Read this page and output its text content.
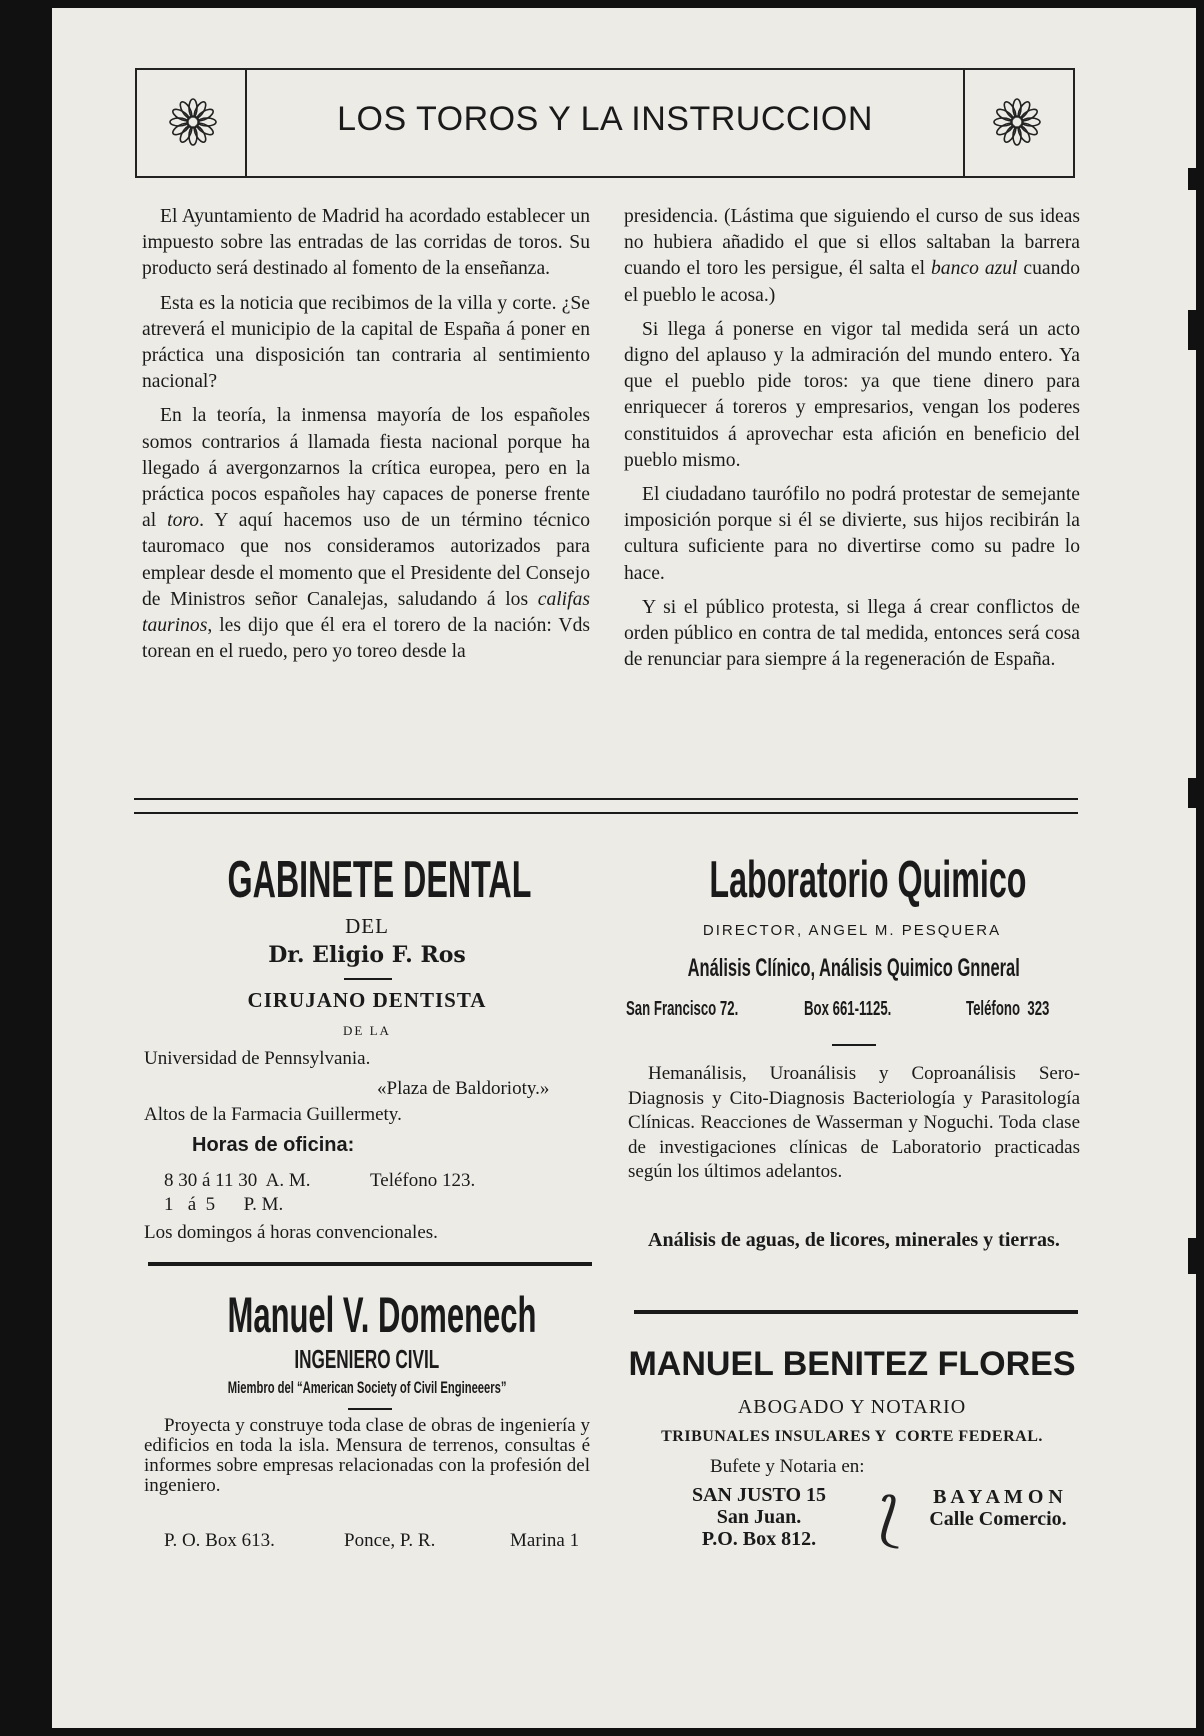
LOS TOROS Y LA INSTRUCCION

El Ayuntamiento de Madrid ha acordado establecer un impuesto sobre las entradas de las corridas de toros. Su producto será destinado al fomento de la enseñanza.

Esta es la noticia que recibimos de la villa y corte. ¿Se atreverá el municipio de la capital de España á poner en práctica una disposición tan contraria al sentimiento nacional?

En la teoría, la inmensa mayoría de los españoles somos contrarios á llamada fiesta nacional porque ha llegado á avergonzarnos la crítica europea, pero en la práctica pocos españoles hay capaces de ponerse frente al toro. Y aquí hacemos uso de un término técnico tauromaco que nos consideramos autorizados para emplear desde el momento que el Presidente del Consejo de Ministros señor Canalejas, saludando á los califas taurinos, les dijo que él era el torero de la nación: Vds torean en el ruedo, pero yo toreo desde la

presidencia. (Lástima que siguiendo el curso de sus ideas no hubiera añadido el que si ellos saltaban la barrera cuando el toro les persigue, él salta el banco azul cuando el pueblo le acosa.)

Si llega á ponerse en vigor tal medida será un acto digno del aplauso y la admiración del mundo entero. Ya que el pueblo pide toros: ya que tiene dinero para enriquecer á toreros y empresarios, vengan los poderes constituidos á aprovechar esta afición en beneficio del pueblo mismo.

El ciudadano taurófilo no podrá protestar de semejante imposición porque si él se divierte, sus hijos recibirán la cultura suficiente para no divertirse como su padre lo hace.

Y si el público protesta, si llega á crear conflictos de orden público en contra de tal medida, entonces será cosa de renunciar para siempre á la regeneración de España.

GABINETE DENTAL
DEL
Dr. Eligio F. Ros
CIRUJANO DENTISTA
DE LA
Universidad de Pennsylvania.
«Plaza de Baldorioty.»
Altos de la Farmacia Guillermety.
Horas de oficina:
8 30 á 11 30  A. M.	Teléfono 123.
1   á  5      P. M.
Los domingos á horas convencionales.
Manuel V. Domenech
INGENIERO CIVIL
Miembro del “American Society of Civil Engineeers”
Proyecta y construye toda clase de obras de ingeniería y edificios en toda la isla. Mensura de terrenos, consultas é informes sobre empresas relacionadas con la profesión del ingeniero.
P. O. Box 613.	Ponce, P. R.	Marina 1
Laboratorio Quimico
DIRECTOR, ANGEL M. PESQUERA
Análisis Clínico, Análisis Quimico Gnneral
San Francisco 72.	Box 661-1125.	Teléfono  323
Hemanálisis, Uroanálisis y Coproanálisis Sero-Diagnosis y Cito-Diagnosis Bacteriología y Parasitología Clínicas. Reacciones de Wasserman y Noguchi. Toda clase de investigaciones clínicas de Laboratorio practicadas según los últimos adelantos.
Análisis de aguas, de licores, minerales y tierras.
MANUEL BENITEZ FLORES
ABOGADO Y NOTARIO
TRIBUNALES INSULARES Y  CORTE FEDERAL.
Bufete y Notaria en:
SAN JUSTO 15
San Juan.
P.O. Box 812.	⟅	B A Y A M O N
Calle Comercio.
